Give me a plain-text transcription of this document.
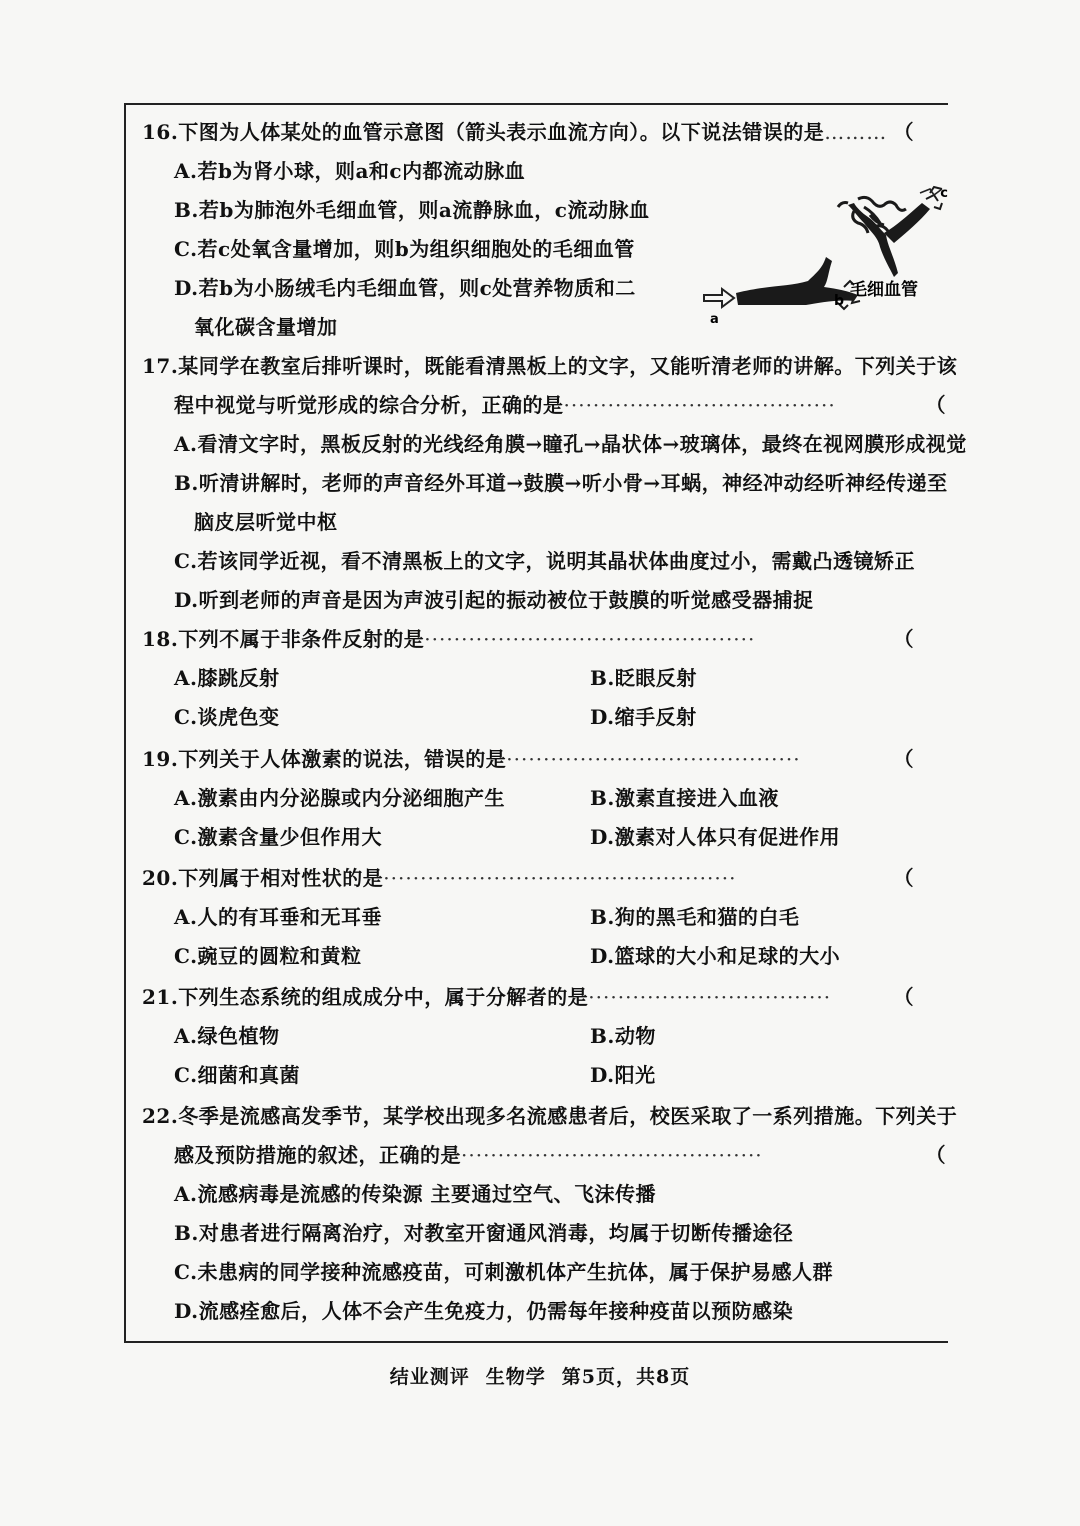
16.下图为人体某处的血管示意图（箭头表示血流方向）。以下说法错误的是……… （
A.若b为肾小球，则a和c内都流动脉血
B.若b为肺泡外毛细血管，则a流静脉血，c流动脉血
C.若c处氧含量增加，则b为组织细胞处的毛细血管
D.若b为小肠绒毛内毛细血管，则c处营养物质和二
氧化碳含量增加	a
c
b
毛细血管
17.某同学在教室后排听课时，既能看清黑板上的文字，又能听清老师的讲解。下列关于该
程中视觉与听觉形成的综合分析，正确的是·····································	（
A.看清文字时，黑板反射的光线经角膜→瞳孔→晶状体→玻璃体，最终在视网膜形成视觉
B.听清讲解时，老师的声音经外耳道→鼓膜→听小骨→耳蜗，神经冲动经听神经传递至
脑皮层听觉中枢
C.若该同学近视，看不清黑板上的文字，说明其晶状体曲度过小，需戴凸透镜矫正
D.听到老师的声音是因为声波引起的振动被位于鼓膜的听觉感受器捕捉
18.下列不属于非条件反射的是·············································	（
A.膝跳反射	B.眨眼反射
C.谈虎色变	D.缩手反射
19.下列关于人体激素的说法，错误的是········································	（
A.激素由内分泌腺或内分泌细胞产生	B.激素直接进入血液
C.激素含量少但作用大	D.激素对人体只有促进作用
20.下列属于相对性状的是················································	（
A.人的有耳垂和无耳垂	B.狗的黑毛和猫的白毛
C.豌豆的圆粒和黄粒	D.篮球的大小和足球的大小
21.下列生态系统的组成成分中，属于分解者的是·································	（
A.绿色植物	B.动物
C.细菌和真菌	D.阳光
22.冬季是流感高发季节，某学校出现多名流感患者后，校医采取了一系列措施。下列关于
感及预防措施的叙述，正确的是·········································	（
A.流感病毒是流感的传染源 主要通过空气、飞沫传播
B.对患者进行隔离治疗，对教室开窗通风消毒，均属于切断传播途径
C.未患病的同学接种流感疫苗，可刺激机体产生抗体，属于保护易感人群
D.流感痊愈后，人体不会产生免疫力，仍需每年接种疫苗以预防感染
结业测评 生物学 第5页，共8页
